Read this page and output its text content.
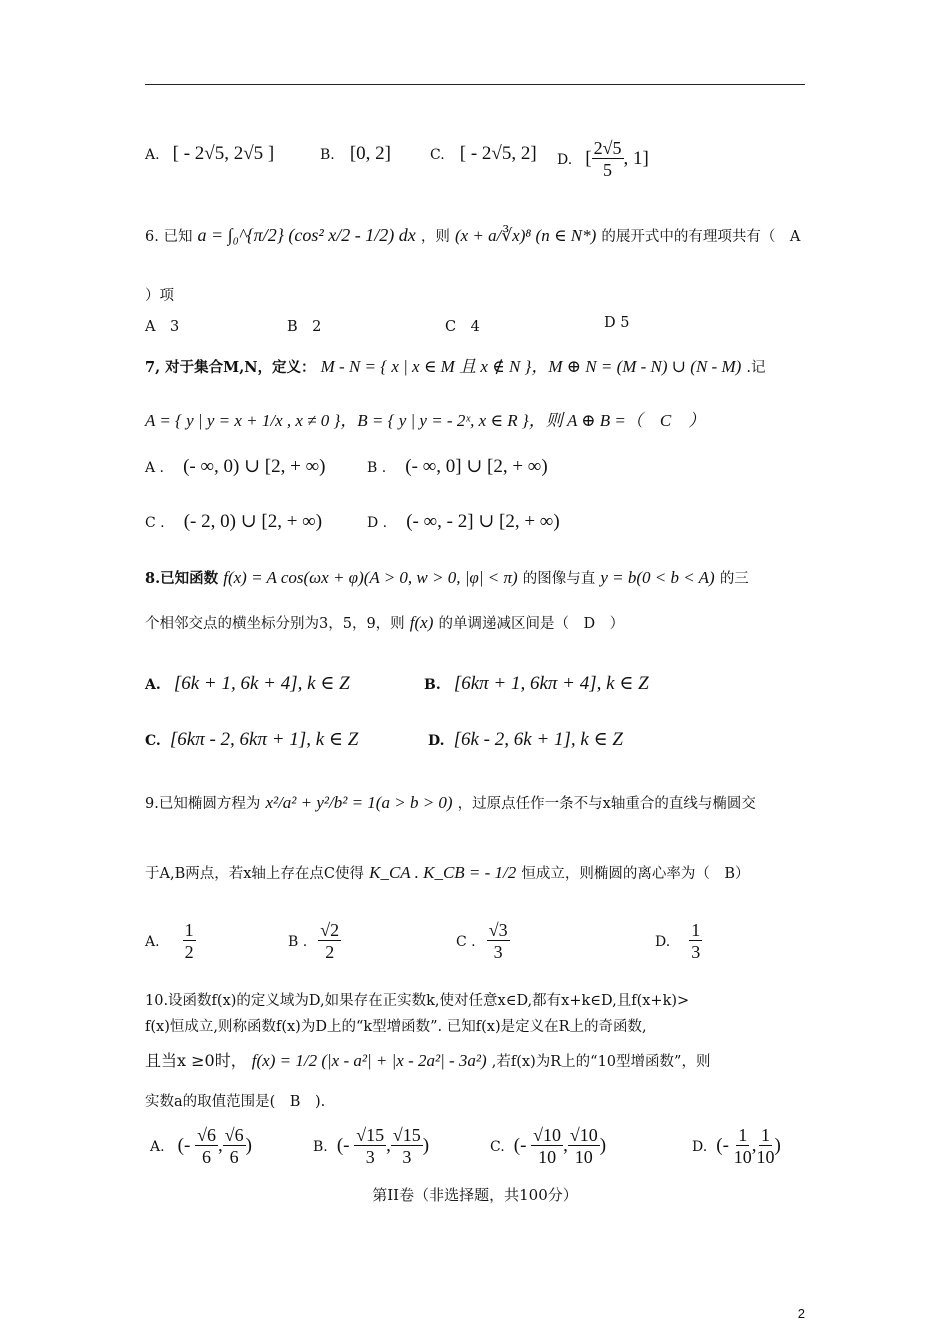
A. [ - 2√5, 2√5 ]	B. [0, 2]	C. [ - 2√5, 2] D. [ $\frac{2√5}{5}$ , 1]
6. 已知 a = ∫₀^{π/2} (cos² x/2 - 1/2) dx ，则 (x + a/∛x)⁸ (n ∈ N*) 的展开式中的有理项共有（　A
）项
A　3	B　2	C　4	D 5
7, 对于集合M,N，定义： M - N = { x | x ∈ M 且 x ∉ N }，M ⊕ N = (M - N) ∪ (N - M) .记
A = { y | y = x + 1/x , x ≠ 0 }，B = { y | y = - 2ˣ, x ∈ R }，则 A ⊕ B =（　C　）
A . (- ∞, 0) ∪ [2, + ∞)	B . (- ∞, 0] ∪ [2, + ∞)
C . (- 2, 0) ∪ [2, + ∞)	D . (- ∞, - 2] ∪ [2, + ∞)
8.已知函数 f(x) = A cos(ωx + φ)(A > 0, w > 0, |φ| < π) 的图像与直 y = b(0 < b < A) 的三
个相邻交点的横坐标分别为3，5，9，则 f(x) 的单调递减区间是（　D　）
A. [6k + 1, 6k + 4], k ∈ Z	B. [6kπ + 1, 6kπ + 4], k ∈ Z
C. [6kπ - 2, 6kπ + 1], k ∈ Z	D. [6k - 2, 6k + 1], k ∈ Z
9.已知椭圆方程为 x²/a² + y²/b² = 1(a > b > 0) ，过原点任作一条不与x轴重合的直线与椭圆交
于A,B两点，若x轴上存在点C使得 K_CA . K_CB = - 1/2 恒成立，则椭圆的离心率为（　B）
A. $\frac{1}{2}$	B . $\frac{√2}{2}$	C . $\frac{√3}{3}$	D. $\frac{1}{3}$
10.设函数f(x)的定义域为D,如果存在正实数k,使对任意x∈D,都有x+k∈D,且f(x+k)>
f(x)恒成立,则称函数f(x)为D上的“k型增函数”. 已知f(x)是定义在R上的奇函数,
且当x ≥0时， f(x) = 1/2 (|x - a²| + |x - 2a²| - 3a²) ,若f(x)为R上的“10型增函数”，则
实数a的取值范围是(　B　).
A. (- $\frac{√6}{6}$ , $\frac{√6}{6}$ )	B. (- $\frac{√15}{3}$ , $\frac{√15}{3}$ )	C. (- $\frac{√10}{10}$ , $\frac{√10}{10}$ )	D. (- $\frac{1}{10}$ , $\frac{1}{10}$ )
第II卷（非选择题，共100分）
2
